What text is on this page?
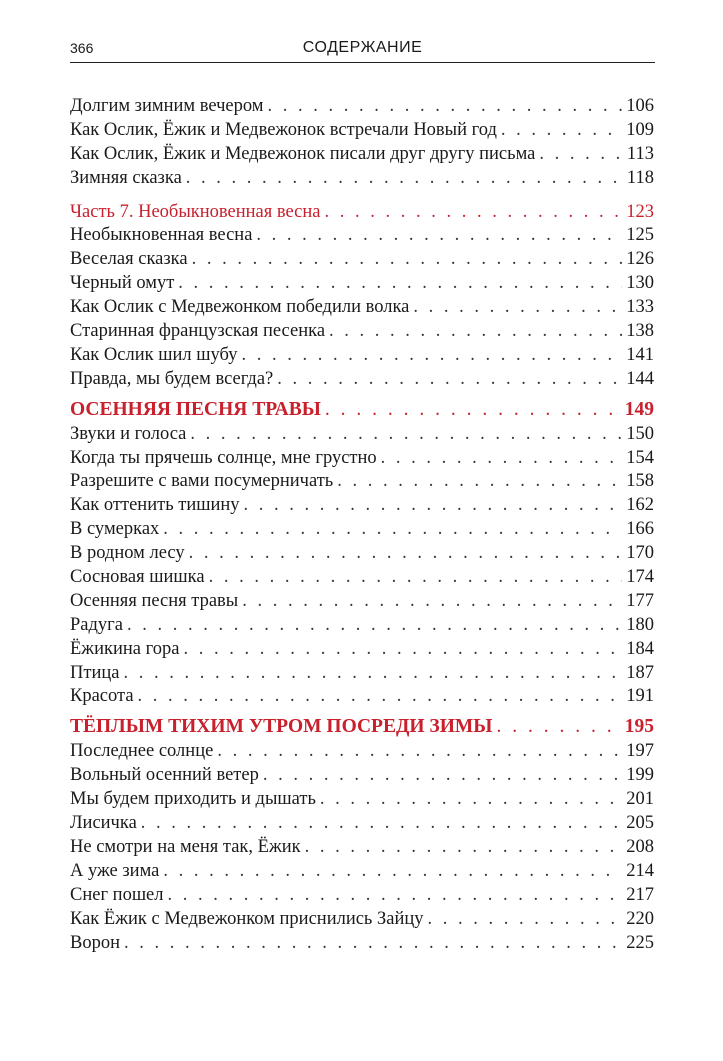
366	СОДЕРЖАНИЕ
Долгим зимним вечером . . .	106
Как Ослик, Ёжик и Медвежонок встречали Новый год . . .	109
Как Ослик, Ёжик и Медвежонок писали друг другу письма . . .	113
Зимняя сказка . . .	118
Часть 7. Необыкновенная весна . . .	123
Необыкновенная весна . . .	125
Веселая сказка . . .	126
Черный омут . . .	130
Как Ослик с Медвежонком победили волка . . .	133
Старинная французская песенка . . .	138
Как Ослик шил шубу . . .	141
Правда, мы будем всегда? . . .	144
ОСЕННЯЯ ПЕСНЯ ТРАВЫ . . .	149
Звуки и голоса . . .	150
Когда ты прячешь солнце, мне грустно . . .	154
Разрешите с вами посумерничать . . .	158
Как оттенить тишину . . .	162
В сумерках . . .	166
В родном лесу . . .	170
Сосновая шишка . . .	174
Осенняя песня травы . . .	177
Радуга . . .	180
Ёжикина гора . . .	184
Птица . . .	187
Красота . . .	191
ТЁПЛЫМ ТИХИМ УТРОМ ПОСРЕДИ ЗИМЫ . . .	195
Последнее солнце . . .	197
Вольный осенний ветер . . .	199
Мы будем приходить и дышать . . .	201
Лисичка . . .	205
Не смотри на меня так, Ёжик . . .	208
А уже зима . . .	214
Снег пошел . . .	217
Как Ёжик с Медвежонком приснились Зайцу . . .	220
Ворон . . .	225
